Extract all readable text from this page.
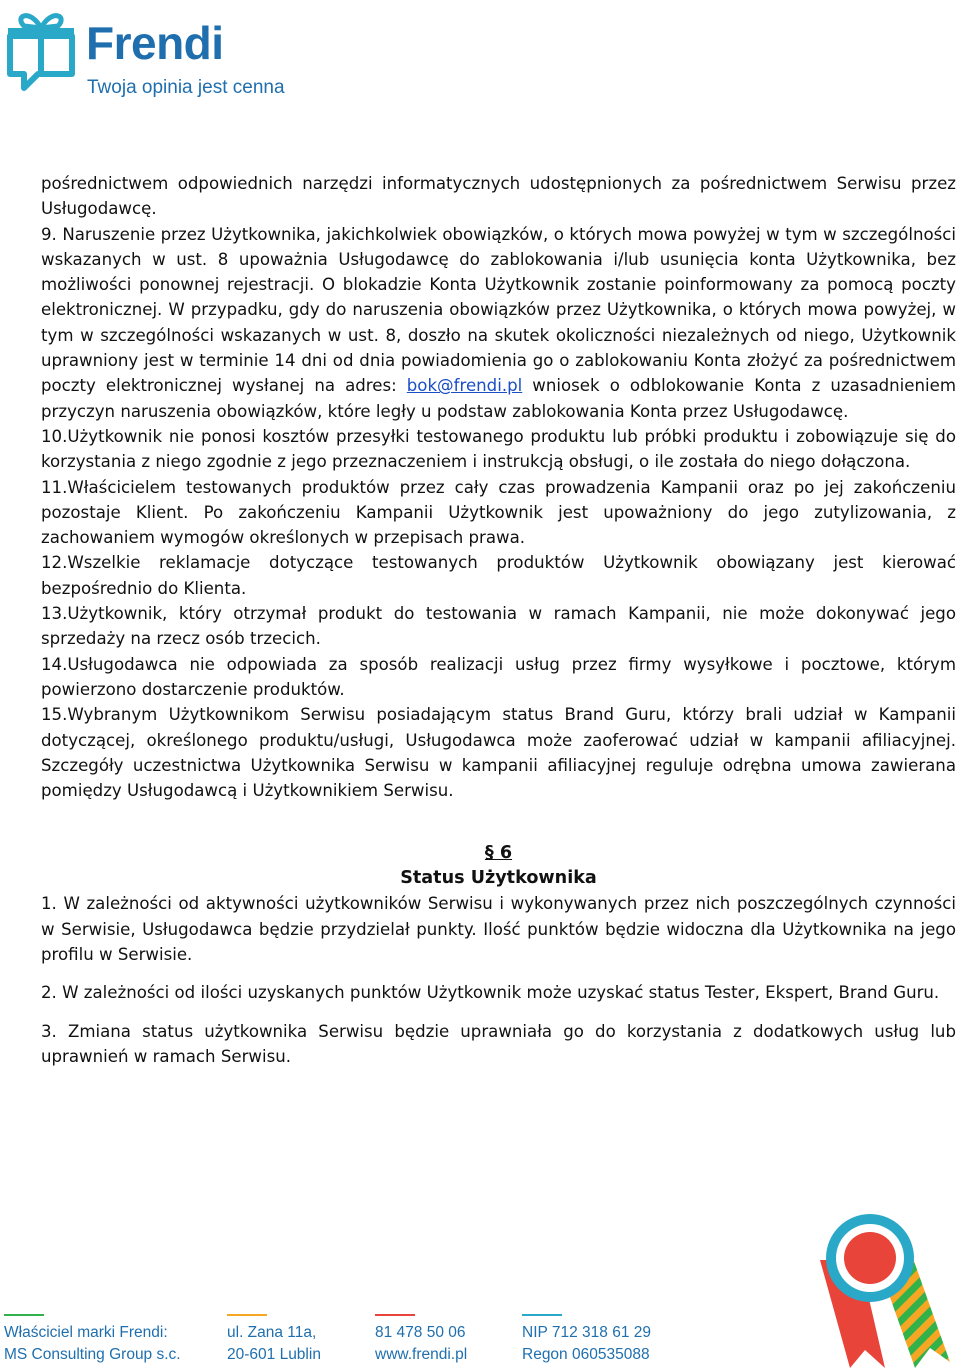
Frendi
Twoja opinia jest cenna

pośrednictwem odpowiednich narzędzi informatycznych udostępnionych za pośrednictwem Serwisu przez Usługodawcę.

9. Naruszenie przez Użytkownika, jakichkolwiek obowiązków, o których mowa powyżej w tym w szczególności wskazanych w ust. 8 upoważnia Usługodawcę do zablokowania i/lub usunięcia konta Użytkownika, bez możliwości ponownej rejestracji. O blokadzie Konta Użytkownik zostanie poinformowany za pomocą poczty elektronicznej. W przypadku, gdy do naruszenia obowiązków przez Użytkownika, o których mowa powyżej, w tym w szczególności wskazanych w ust. 8, doszło na skutek okoliczności niezależnych od niego, Użytkownik uprawniony jest w terminie 14 dni od dnia powiadomienia go o zablokowaniu Konta złożyć za pośrednictwem poczty elektronicznej wysłanej na adres: bok@frendi.pl wniosek o odblokowanie Konta z uzasadnieniem przyczyn naruszenia obowiązków, które legły u podstaw zablokowania Konta przez Usługodawcę.

10.Użytkownik nie ponosi kosztów przesyłki testowanego produktu lub próbki produktu i zobowiązuje się do korzystania z niego zgodnie z jego przeznaczeniem i instrukcją obsługi, o ile została do niego dołączona.

11.Właścicielem testowanych produktów przez cały czas prowadzenia Kampanii oraz po jej zakończeniu pozostaje Klient. Po zakończeniu Kampanii Użytkownik jest upoważniony do jego zutylizowania, z zachowaniem wymogów określonych w przepisach prawa.

12.Wszelkie reklamacje dotyczące testowanych produktów Użytkownik obowiązany jest kierować bezpośrednio do Klienta.

13.Użytkownik, który otrzymał produkt do testowania w ramach Kampanii, nie może dokonywać jego sprzedaży na rzecz osób trzecich.

14.Usługodawca nie odpowiada za sposób realizacji usług przez firmy wysyłkowe i pocztowe, którym powierzono dostarczenie produktów.

15.Wybranym Użytkownikom Serwisu posiadającym status Brand Guru, którzy brali udział w Kampanii dotyczącej, określonego produktu/usługi, Usługodawca może zaoferować udział w kampanii afiliacyjnej. Szczegóły uczestnictwa Użytkownika Serwisu w kampanii afiliacyjnej reguluje odrębna umowa zawierana pomiędzy Usługodawcą i Użytkownikiem Serwisu.

§ 6
Status Użytkownika

1. W zależności od aktywności użytkowników Serwisu i wykonywanych przez nich poszczególnych czynności w Serwisie, Usługodawca będzie przydzielał punkty. Ilość punktów będzie widoczna dla Użytkownika na jego profilu w Serwisie.

2. W zależności od ilości uzyskanych punktów Użytkownik może uzyskać status Tester, Ekspert, Brand Guru.

3. Zmiana status użytkownika Serwisu będzie uprawniała go do korzystania z dodatkowych usług lub uprawnień w ramach Serwisu.

Właściciel marki Frendi:
MS Consulting Group s.c.
ul. Zana 11a,
20-601 Lublin
81 478 50 06
www.frendi.pl
NIP 712 318 61 29
Regon 060535088
